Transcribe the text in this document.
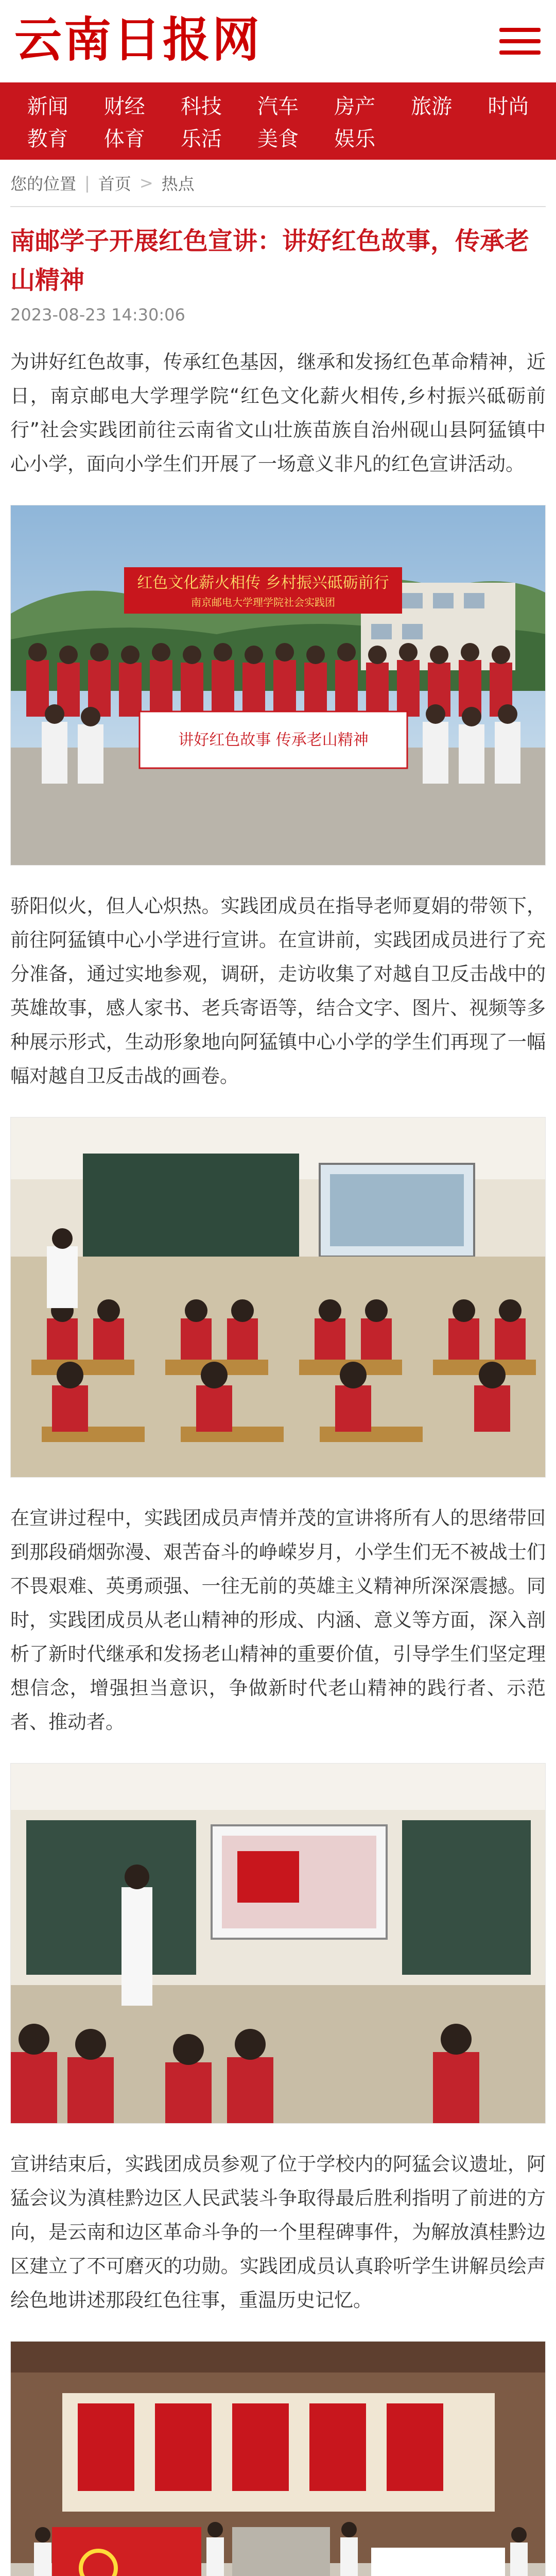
云南日报网
新闻	财经	科技	汽车	房产	旅游	时尚
教育	体育	乐活	美食	娱乐
您的位置 | 首页 > 热点
南邮学子开展红色宣讲：讲好红色故事，传承老山精神
2023-08-23 14:30:06

为讲好红色故事，传承红色基因，继承和发扬红色革命精神，近日，南京邮电大学理学院“红色文化薪火相传,乡村振兴砥砺前行”社会实践团前往云南省文山壮族苗族自治州砚山县阿猛镇中心小学，面向小学生们开展了一场意义非凡的红色宣讲活动。

红色文化薪火相传 乡村振兴砥砺前行
南京邮电大学理学院社会实践团
讲好红色故事 传承老山精神

骄阳似火，但人心炽热。实践团成员在指导老师夏娟的带领下，前往阿猛镇中心小学进行宣讲。在宣讲前，实践团成员进行了充分准备，通过实地参观，调研，走访收集了对越自卫反击战中的英雄故事，感人家书、老兵寄语等，结合文字、图片、视频等多种展示形式，生动形象地向阿猛镇中心小学的学生们再现了一幅幅对越自卫反击战的画卷。

在宣讲过程中，实践团成员声情并茂的宣讲将所有人的思绪带回到那段硝烟弥漫、艰苦奋斗的峥嵘岁月，小学生们无不被战士们不畏艰难、英勇顽强、一往无前的英雄主义精神所深深震撼。同时，实践团成员从老山精神的形成、内涵、意义等方面，深入剖析了新时代继承和发扬老山精神的重要价值，引导学生们坚定理想信念，增强担当意识，争做新时代老山精神的践行者、示范者、推动者。

宣讲结束后，实践团成员参观了位于学校内的阿猛会议遗址，阿猛会议为滇桂黔边区人民武装斗争取得最后胜利指明了前进的方向，是云南和边区革命斗争的一个里程碑事件，为解放滇桂黔边区建立了不可磨灭的功勋。实践团成员认真聆听学生讲解员绘声绘色地讲述那段红色往事，重温历史记忆。
